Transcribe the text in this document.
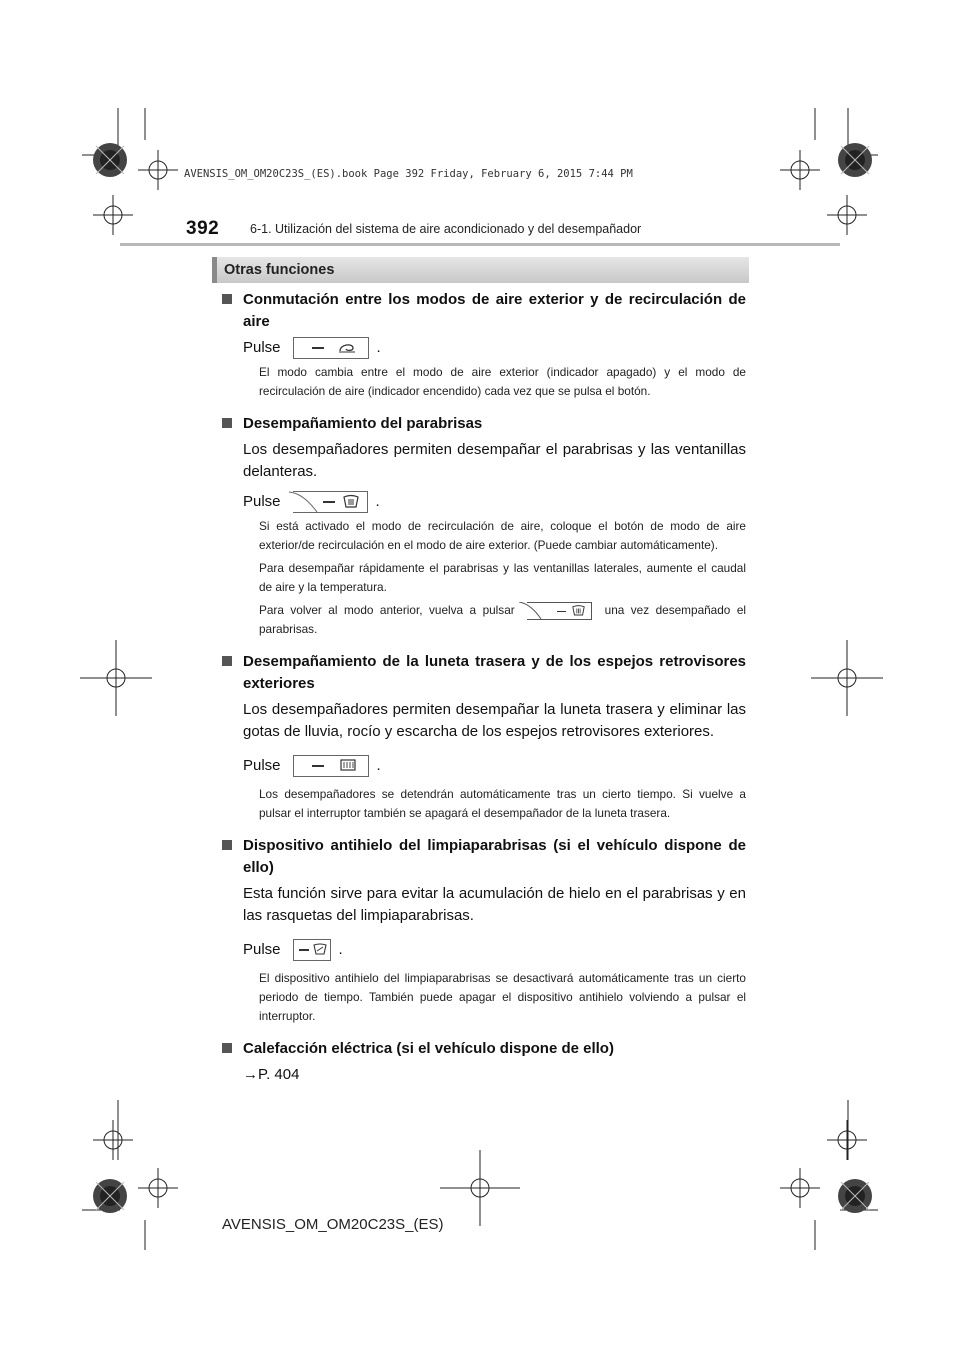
AVENSIS_OM_OM20C23S_(ES).book Page 392 Friday, February 6, 2015 7:44 PM
392 6-1. Utilización del sistema de aire acondicionado y del desempañador
Otras funciones
Conmutación entre los modos de aire exterior y de recirculación de aire
Pulse	.
El modo cambia entre el modo de aire exterior (indicador apagado) y el modo de recirculación de aire (indicador encendido) cada vez que se pulsa el botón.
Desempañamiento del parabrisas
Los desempañadores permiten desempañar el parabrisas y las ventanillas delanteras.
Pulse	.
Si está activado el modo de recirculación de aire, coloque el botón de modo de aire exterior/de recirculación en el modo de aire exterior. (Puede cambiar automáticamente).
Para desempañar rápidamente el parabrisas y las ventanillas laterales, aumente el caudal de aire y la temperatura.
Para volver al modo anterior, vuelva a pulsar	una vez desempañado el parabrisas.
Desempañamiento de la luneta trasera y de los espejos retrovisores exteriores
Los desempañadores permiten desempañar la luneta trasera y eliminar las gotas de lluvia, rocío y escarcha de los espejos retrovisores exteriores.
Pulse	.
Los desempañadores se detendrán automáticamente tras un cierto tiempo. Si vuelve a pulsar el interruptor también se apagará el desempañador de la luneta trasera.
Dispositivo antihielo del limpiaparabrisas (si el vehículo dispone de ello)
Esta función sirve para evitar la acumulación de hielo en el parabrisas y en las rasquetas del limpiaparabrisas.
Pulse	.
El dispositivo antihielo del limpiaparabrisas se desactivará automáticamente tras un cierto periodo de tiempo. También puede apagar el dispositivo antihielo volviendo a pulsar el interruptor.
Calefacción eléctrica (si el vehículo dispone de ello)
→P. 404
AVENSIS_OM_OM20C23S_(ES)
